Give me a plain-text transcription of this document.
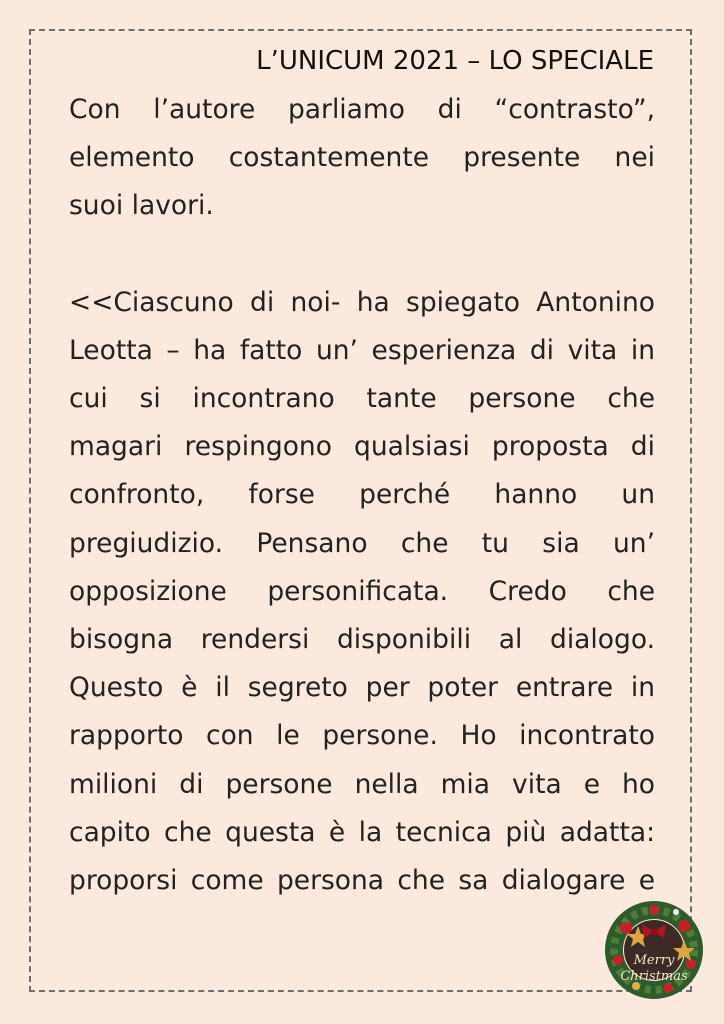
L’UNICUM 2021 – LO SPECIALE
Con l’autore parliamo di “contrasto”,
elemento costantemente presente nei
suoi lavori.
<<Ciascuno di noi- ha spiegato Antonino
Leotta – ha fatto un’ esperienza di vita in
cui si incontrano tante persone che
magari respingono qualsiasi proposta di
confronto, forse perché hanno un
pregiudizio. Pensano che tu sia un’
opposizione personificata. Credo che
bisogna rendersi disponibili al dialogo.
Questo è il segreto per poter entrare in
rapporto con le persone. Ho incontrato
milioni di persone nella mia vita e ho
capito che questa è la tecnica più adatta:
proporsi come persona che sa dialogare e
Merry
Christmas
